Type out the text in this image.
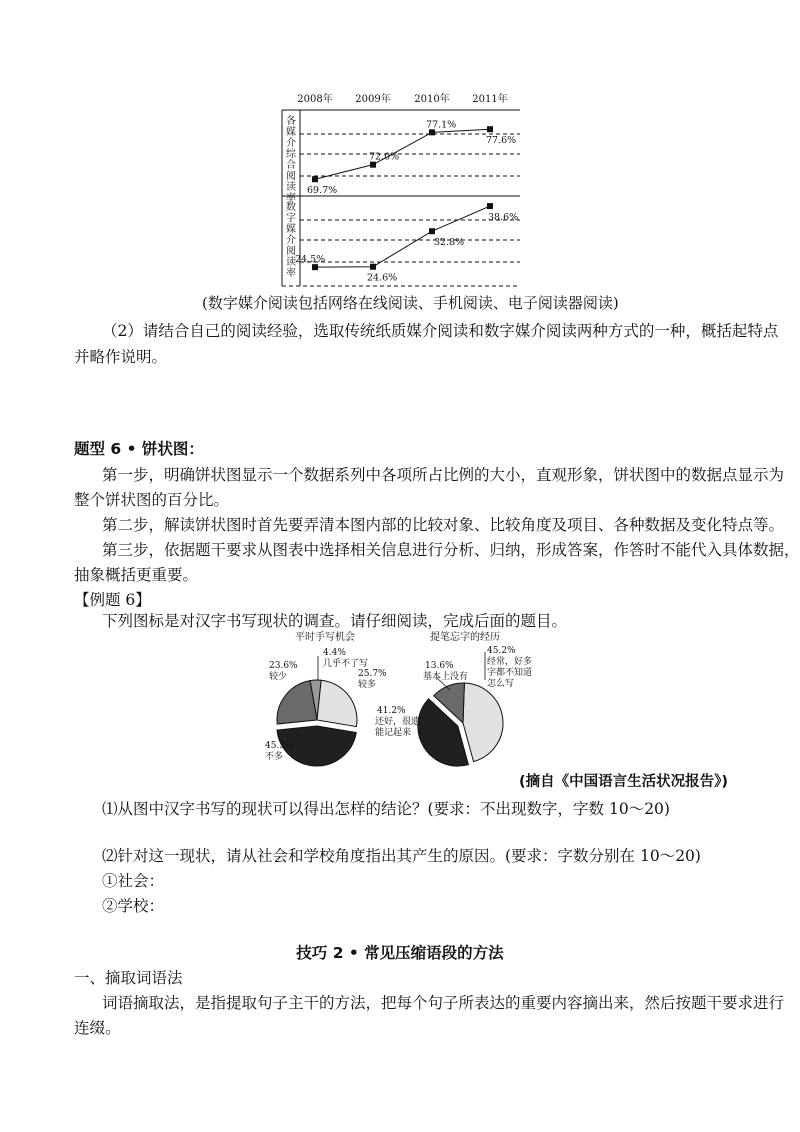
2008年 2009年 2010年 2011年
69.7%
72.0%
77.1%
77.6%
24.5%
24.6%
32.8%
38.6%
各媒介综合阅读率
数字媒介阅读率
(数字媒介阅读包括网络在线阅读、手机阅读、电子阅读器阅读)
（2）请结合自己的阅读经验，选取传统纸质媒介阅读和数字媒介阅读两种方式的一种，概括起特点
并略作说明。
题型 6 • 饼状图：
第一步，明确饼状图显示一个数据系列中各项所占比例的大小，直观形象，饼状图中的数据点显示为
整个饼状图的百分比。
第二步，解读饼状图时首先要弄清本图内部的比较对象、比较角度及项目、各种数据及变化特点等。
第三步，依据题干要求从图表中选择相关信息进行分析、归纳，形成答案，作答时不能代入具体数据，
抽象概括更重要。
【例题 6】
下列图标是对汉字书写现状的调查。请仔细阅读，完成后面的题目。
平时手写机会	提笔忘字的经历
4.4%
几乎不了写
23.6%
较少	25.7%
较多
45.3%
不多
13.6%
基本上没有
45.2%
经常，好多
字都不知道
怎么写
41.2%
还好，很遗
能记起来
(摘自《中国语言生活状况报告》)
⑴从图中汉字书写的现状可以得出怎样的结论？(要求：不出现数字，字数 10～20)
⑵针对这一现状，请从社会和学校角度指出其产生的原因。(要求：字数分别在 10～20)
①社会：
②学校：
技巧 2 • 常见压缩语段的方法
一、摘取词语法
词语摘取法，是指提取句子主干的方法，把每个句子所表达的重要内容摘出来，然后按题干要求进行
连缀。
